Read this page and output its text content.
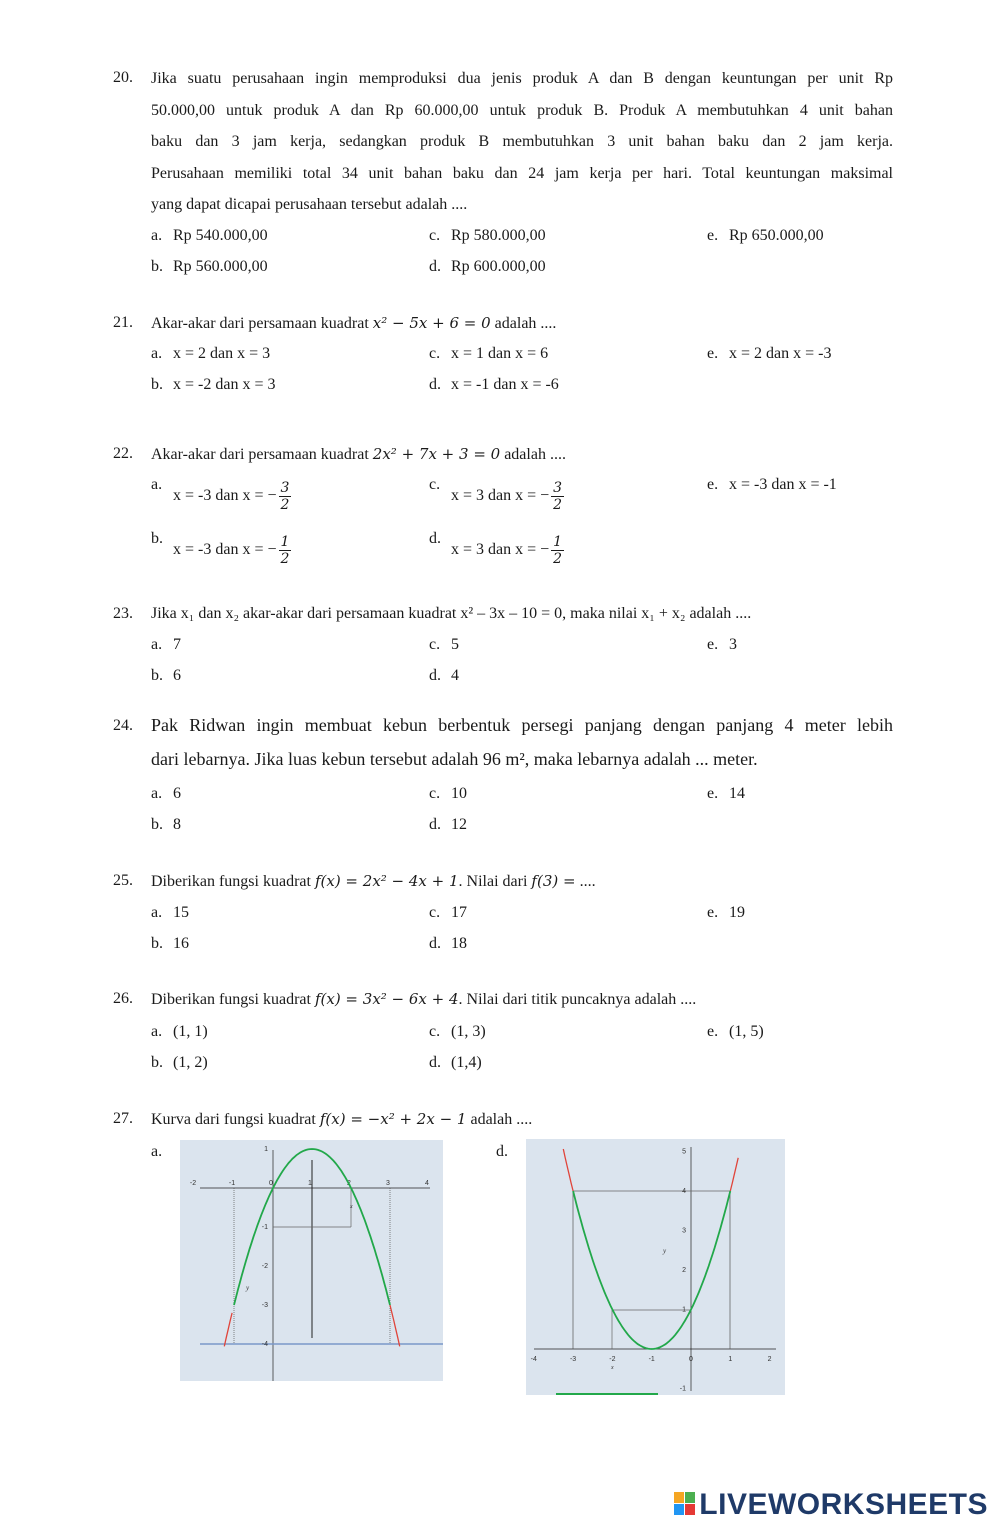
20. Jika suatu perusahaan ingin memproduksi dua jenis produk A dan B dengan keuntungan per unit Rp
50.000,00 untuk produk A dan Rp 60.000,00 untuk produk B. Produk A membutuhkan 4 unit bahan
baku dan 3 jam kerja, sedangkan produk B membutuhkan 3 unit bahan baku dan 2 jam kerja.
Perusahaan memiliki total 34 unit bahan baku dan 24 jam kerja per hari. Total keuntungan maksimal
yang dapat dicapai perusahaan tersebut adalah ....
a. Rp 540.000,00	c. Rp 580.000,00	e. Rp 650.000,00
b. Rp 560.000,00	d. Rp 600.000,00
21. Akar-akar dari persamaan kuadrat x² − 5x + 6 = 0 adalah ....
a. x = 2 dan x = 3	c. x = 1 dan x = 6	e. x = 2 dan x = -3
b. x = -2 dan x = 3	d. x = -1 dan x = -6
22. Akar-akar dari persamaan kuadrat 2x² + 7x + 3 = 0 adalah ....
a.x = -3 dan x = − $\frac{3}{2}$	c.x = 3 dan x = − $\frac{3}{2}$	e. x = -3 dan x = -1
b.x = -3 dan x = − $\frac{1}{2}$	d.x = 3 dan x = − $\frac{1}{2}$
23. Jika x₁ dan x₂ akar-akar dari persamaan kuadrat x² – 3x – 10 = 0, maka nilai x₁ + x₂ adalah ....
a. 7	c. 5	e. 3
b. 6	d. 4
24. Pak Ridwan ingin membuat kebun berbentuk persegi panjang dengan panjang 4 meter lebih
dari lebarnya. Jika luas kebun tersebut adalah 96 m², maka lebarnya adalah ... meter.
a. 6	c. 10	e. 14
b. 8	d. 12
25. Diberikan fungsi kuadrat f(x) = 2x² − 4x + 1. Nilai dari f(3) = ....
a. 15	c. 17	e. 19
b. 16	d. 18
26. Diberikan fungsi kuadrat f(x) = 3x² − 6x + 4. Nilai dari titik puncaknya adalah ....
a. (1, 1)	c. (1, 3)	e. (1, 5)
b. (1, 2)	d. (1,4)
27. Kurva dari fungsi kuadrat f(x) = −x² + 2x − 1 adalah ....
a.	d.
-2	-1	0	1	2	3	4
1
-1
-2
-3
-4
y
x
-4	-3	-2	-1	0	1	2
5
4
3
2
1
-1
y
x
LIVEWORKSHEETS
